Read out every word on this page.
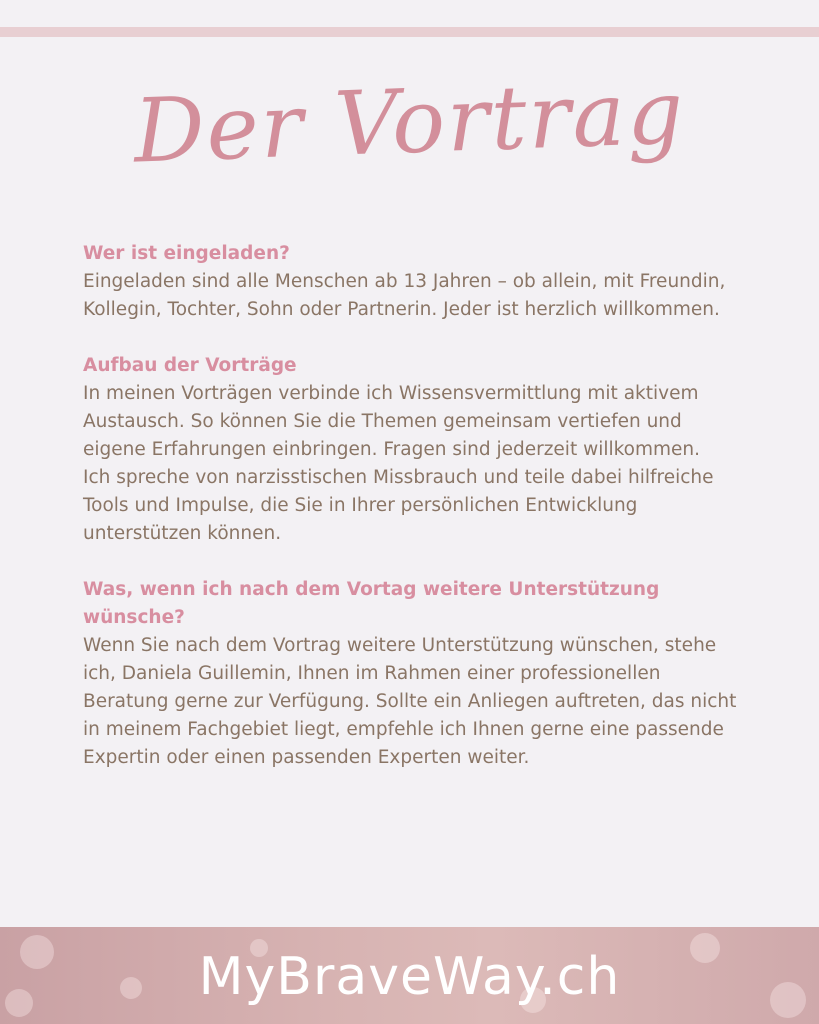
Der Vortrag
Wer ist eingeladen?

Eingeladen sind alle Menschen ab 13 Jahren – ob allein, mit Freundin, Kollegin, Tochter, Sohn oder Partnerin. Jeder ist herzlich willkommen.

Aufbau der Vorträge

In meinen Vorträgen verbinde ich Wissensvermittlung mit aktivem Austausch. So können Sie die Themen gemeinsam vertiefen und eigene Erfahrungen einbringen. Fragen sind jederzeit willkommen.

Ich spreche von narzisstischen Missbrauch und teile dabei hilfreiche Tools und Impulse, die Sie in Ihrer persönlichen Entwicklung unterstützen können.

Was, wenn ich nach dem Vortag weitere Unterstützung wünsche?

Wenn Sie nach dem Vortrag weitere Unterstützung wünschen, stehe ich, Daniela Guillemin, Ihnen im Rahmen einer professionellen Beratung gerne zur Verfügung. Sollte ein Anliegen auftreten, das nicht in meinem Fachgebiet liegt, empfehle ich Ihnen gerne eine passende Expertin oder einen passenden Experten weiter.

MyBraveWay.ch
